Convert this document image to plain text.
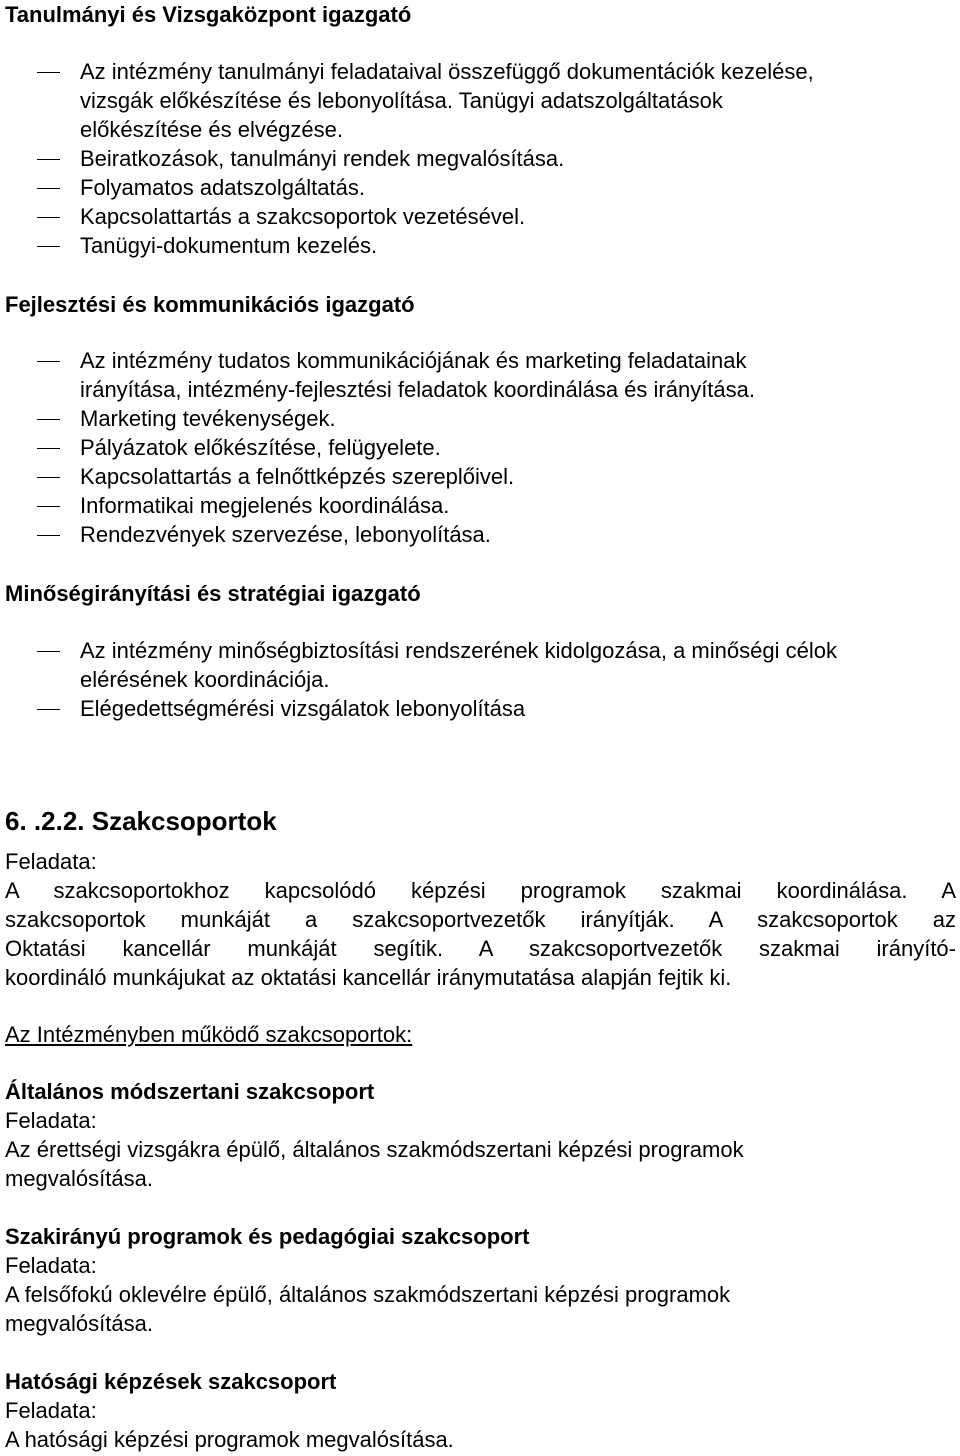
Tanulmányi és Vizsgaközpont igazgató
Az intézmény tanulmányi feladataival összefüggő dokumentációk kezelése,
vizsgák előkészítése és lebonyolítása. Tanügyi adatszolgáltatások
előkészítése és elvégzése.
Beiratkozások, tanulmányi rendek megvalósítása.
Folyamatos adatszolgáltatás.
Kapcsolattartás a szakcsoportok vezetésével.
Tanügyi-dokumentum kezelés.
Fejlesztési és kommunikációs igazgató
Az intézmény tudatos kommunikációjának és marketing feladatainak
irányítása, intézmény-fejlesztési feladatok koordinálása és irányítása.
Marketing tevékenységek.
Pályázatok előkészítése, felügyelete.
Kapcsolattartás a felnőttképzés szereplőivel.
Informatikai megjelenés koordinálása.
Rendezvények szervezése, lebonyolítása.
Minőségirányítási és stratégiai igazgató
Az intézmény minőségbiztosítási rendszerének kidolgozása, a minőségi célok
elérésének koordinációja.
Elégedettségmérési vizsgálatok lebonyolítása
6. .2.2. Szakcsoportok
Feladata:
A szakcsoportokhoz kapcsolódó képzési programok szakmai koordinálása. A
szakcsoportok munkáját a szakcsoportvezetők irányítják. A szakcsoportok az
Oktatási kancellár munkáját segítik. A szakcsoportvezetők szakmai irányító-
koordináló munkájukat az oktatási kancellár iránymutatása alapján fejtik ki.
Az Intézményben működő szakcsoportok:
Általános módszertani szakcsoport
Feladata:
Az érettségi vizsgákra épülő, általános szakmódszertani képzési programok
megvalósítása.
Szakirányú programok és pedagógiai szakcsoport
Feladata:
A felsőfokú oklevélre épülő, általános szakmódszertani képzési programok
megvalósítása.
Hatósági képzések szakcsoport
Feladata:
A hatósági képzési programok megvalósítása.
